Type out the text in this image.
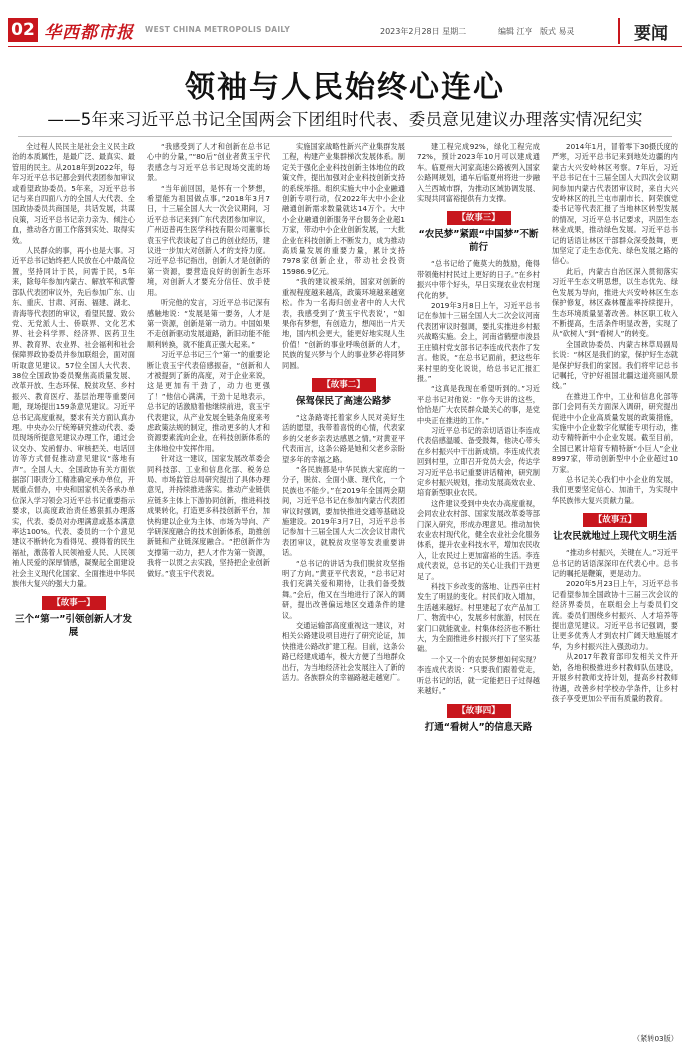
02 华西都市报 WEST CHINA METROPOLIS DAILY	2023年2月28日 星期二	编辑 江亨 版式 易灵	要闻
领袖与人民始终心连心
——5年来习近平总书记全国两会下团组时代表、委员意见建议办理落实情况纪实

全过程人民民主是社会主义民主政治的本质属性，是最广泛、最真实、最管用的民主。从2018年到2022年，每年习近平总书记都会到代表团参加审议或看望政协委员。5年来，习近平总书记与来自四面八方的全国人大代表、全国政协委员共商国是，共话发展，共谋良策，习近平总书记亲力亲为、倾注心血，推动各方面工作落到实处、取得实效。

人民群众的事，再小也是大事。习近平总书记始终把人民放在心中最高位置，坚持同计于民，问需于民，5年来，除每年参加内蒙古、解放军和武警部队代表团审议外，先后参加广东、山东、重庆、甘肃、河南、福建、湖北、青海等代表团的审议，看望民盟、致公党、无党派人士、侨联界、文化艺术界、社会科学界、经济界、医药卫生界、教育界、农业界、社会福利和社会保障界政协委员并参加联组会，面对面听取意见建议。57位全国人大代表、38位全国政协委员聚焦高质量发展、改革开放、生态环保、脱贫攻坚、乡村振兴、教育医疗、基层治理等重要问题，现场提出159条意见建议。习近平总书记高度重视，要求有关方面认真办理。中央办公厅统筹研究推动代表、委员现场所提意见建议办理工作，通过会议交办、发函督办、审核把关、电话回访等方式督促推动意见建议“落地有声”。全国人大、全国政协有关方面依据部门职责分工精准确定承办单位，开展重点督办，中央和国家机关各承办单位深入学习领会习近平总书记重要指示要求，以高度政治责任感狠抓办理落实，代表、委员对办理满意或基本满意率达100%。代表、委员的一个个意见建议不断转化为看得见、摸得着的民生福祉，激荡着人民领袖爱人民、人民领袖人民爱的深厚情感，凝聚起全面建设社会主义现代化国家、全面推进中华民族伟大复兴的强大力量。

【故事一】
三个“第一”引领创新人才发展

“我感受到了人才和创新在总书记心中的分量，”“80后”创业者黄玉宇代表感念与习近平总书记现场交流的场景。

“当年前回国，是怀有一个梦想，希望能为祖国做点事。”2018年3月7日，十三届全国人大一次会议期间，习近平总书记来到广东代表团参加审议，广州迈普再生医学科技有限公司董事长袁玉宇代表谈起了自己的创业经历，建议进一步加大对创新人才的支持力度。习近平总书记指出，创新人才是创新的第一资源，要营造良好的创新生态环境，对创新人才要充分信任、放手使用。

听完他的发言，习近平总书记深有感触地说：“发展是第一要务，人才是第一资源，创新是第一动力。中国如果不走创新驱动发展道路，新旧动能不能顺利转换，就不能真正强大起来。”

习近平总书记三个“第一”的重要论断让袁玉宇代表倍感振奋，“创新和人才被提到了新的高度，对于企业来说，这是更加有干劲了，动力也更强了！”他信心满满，干劲十足地表示，总书记的话激励着他继续前进，袁玉宇代表建议，从产业发展全链条角度来考虑政策法规的制定，推动更多的人才和资源要素流向企业，在科技创新体系的主体地位中发挥作用。

针对这一建议，国家发展改革委会同科技部、工业和信息化部、税务总局、市场监管总局研究提出了具体办理意见，并持续推进落实。推动产业链供应链多主体上下游协同创新，推进科技成果转化，打造更多科技创新平台，加快构建以企业为主体、市场为导向、产学研深度融合的技术创新体系，助推创新链和产业链深度融合。“把创新作为支撑第一动力，把人才作为第一资源，我将一以贯之去实践，坚持把企业创新做好。”袁玉宇代表说。

实施国家战略性新兴产业集群发展工程，构建产业集群梯次发展体系。制定关于强化企业科技创新主体地位的政策文件，提出加强对企业科技创新支持的系统举措。组织实施大中小企业融通创新专项行动，仅2022年大中小企业融通创新需求数量就达14万个。大中小企业融通创新服务平台服务企业超1万家，带动中小企业创新发展，一大批企业在科技创新上不断发力，成为推动高质量发展的重要力量，累计支持7978家创新企业，带动社会投资15986.9亿元。

“我的建议被采纳，国家对创新的重视程度越来越高，政策环境越来越宽松。作为一名海归创业者中的人大代表，我感受到了‘黄玉宇代表说’，“如果你有梦想，有创造力，想闯出一片天地，国内机会更大，能更好地实现人生价值！”创新的事业呼唤创新的人才，民族的复兴梦与个人的事业梦必将同梦同圆。

【故事二】
保驾保民了高速公路梦

“这条路寄托着家乡人民对美好生活的愿望，我带着喜悦的心情，代表家乡的父老乡亲表达感恩之情。”对黄亚平代表而言，这条公路是她和父老乡亲盼望多年的幸福之路。

“各民族都是中华民族大家庭的一分子，脱贫、全面小康、现代化，一个民族也不能少。”在2019年全国两会期间，习近平总书记在参加内蒙古代表团审议时强调，要加快推进交通等基础设施建设。2019年3月7日，习近平总书记参加十三届全国人大二次会议甘肃代表团审议，就脱贫攻坚等发表重要讲话。

“总书记的讲话为我们脱贫攻坚指明了方向。”黄亚平代表说，“总书记对我们充满关爱和期待，让我们备受鼓舞。”会后，他又在当地进行了深入的调研，提出改善偏远地区交通条件的建议。

交通运输部高度重视这一建议，对相关公路建设项目进行了研究论证，加快推进公路改扩建工程。目前，这条公路已经建成通车，极大方便了当地群众出行，为当地经济社会发展注入了新的活力。各族群众的幸福路越走越宽广。

建工程完成92%，绿化工程完成72%，预计2023年10月可以建成通车。临夏州大河家高速公路被列入国家公路网规划，通车后临夏州将进一步融入兰西城市群，为推动区域协调发展、实现共同富裕提供有力支撑。

【故事三】
“农民梦”紧跟“中国梦”不断前行

“总书记给了俺莫大的鼓励，俺得带领俺村村民过上更好的日子。”在乡村振兴中带个好头，早日实现农业农村现代化的梦。

2019年3月8日上午，习近平总书记在参加十三届全国人大二次会议河南代表团审议时强调，要扎实推进乡村振兴战略实施。会上，河南省鹤壁市浚县王庄镇村党支部书记李连成代表作了发言。他说，“在总书记面前，把这些年来村里的变化说说，给总书记汇报汇报。”

“这真是我现在希望听到的。”习近平总书记对他说：“你今天讲的这些，恰恰是广大农民群众最关心的事，是党中央正在推进的工作。”

习近平总书记的亲切话语让李连成代表倍感温暖、备受鼓舞，他决心带头在乡村振兴中干出新成绩。李连成代表回到村里，立即召开党员大会，传达学习习近平总书记重要讲话精神，研究制定乡村振兴规划，推动发展高效农业、培育新型职业农民。

这件建议受到中央农办高度重视，会同农业农村部、国家发展改革委等部门深入研究，形成办理意见。推动加快农业农村现代化，健全农业社会化服务体系，提升农业科技水平，增加农民收入，让农民过上更加富裕的生活。李连成代表说，总书记的关心让我们干劲更足了。

科技下乡改变的落地、让西辛庄村发生了明显的变化。村民们收入增加，生活越来越好。村里建起了农产品加工厂、物流中心，发展乡村旅游，村民在家门口就能就业。村集体经济也不断壮大，为全面推进乡村振兴打下了坚实基础。

一个又一个的农民梦想如何实现？李连成代表说：“只要我们跟着党走，听总书记的话，就一定能把日子过得越来越好。”

【故事四】
打通“看树人”的信息天路

2014年1月，冒着零下30摄氏度的严寒，习近平总书记来到地处边疆的内蒙古大兴安岭林区考察。7年后，习近平总书记在十三届全国人大四次会议期间参加内蒙古代表团审议时，来自大兴安岭林区的扎兰屯市副市长、阿荣旗党委书记等代表汇报了当地林区转型发展的情况，习近平总书记要求，巩固生态林业成果，推动绿色发展。习近平总书记的话语让林区干部群众深受鼓舞，更加坚定了走生态优先、绿色发展之路的信心。

此后，内蒙古自治区深入贯彻落实习近平生态文明思想，以生态优先、绿色发展为导向，推进大兴安岭林区生态保护修复，林区森林覆盖率持续提升，生态环境质量显著改善。林区职工收入不断提高，生活条件明显改善，实现了从“砍树人”到“看树人”的转变。

全国政协委员、内蒙古林草局副局长说：“林区是我们的家，保护好生态就是保护好我们的家园。我们将牢记总书记嘱托，守护好祖国北疆这道亮丽风景线。”

在推进工作中，工业和信息化部等部门会同有关方面深入调研，研究提出促进中小企业高质量发展的政策措施，实施中小企业数字化赋能专项行动，推动专精特新中小企业发展。截至目前，全国已累计培育专精特新“小巨人”企业8997家，带动创新型中小企业超过10万家。

总书记关心我们中小企业的发展，我们更要坚定信心、加油干，为实现中华民族伟大复兴贡献力量。

【故事五】
让农民就地过上现代文明生活

“推动乡村振兴，关键在人。”习近平总书记的话语深深印在代表心中。总书记的嘱托是鞭策，更是动力。

2020年5月23日上午，习近平总书记看望参加全国政协十三届三次会议的经济界委员，在联组会上与委员们交流。委员们围绕乡村振兴、人才培养等提出意见建议。习近平总书记强调，要让更多优秀人才到农村广阔天地施展才华，为乡村振兴注入强劲动力。

从2017年教育部印发相关文件开始，各地积极推进乡村教师队伍建设，开展乡村教师支持计划，提高乡村教师待遇，改善乡村学校办学条件，让乡村孩子享受更加公平而有质量的教育。

（紧转03版）
